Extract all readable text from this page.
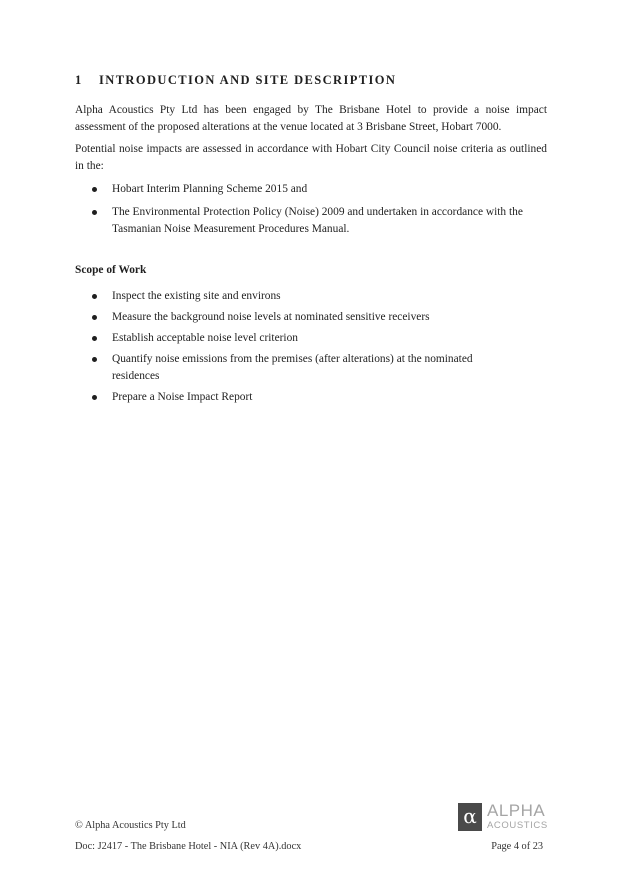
1 INTRODUCTION AND SITE DESCRIPTION

Alpha Acoustics Pty Ltd has been engaged by The Brisbane Hotel to provide a noise impact assessment of the proposed alterations at the venue located at 3 Brisbane Street, Hobart 7000.

Potential noise impacts are assessed in accordance with Hobart City Council noise criteria as outlined in the:

Hobart Interim Planning Scheme 2015 and
The Environmental Protection Policy (Noise) 2009 and undertaken in accordance with the Tasmanian Noise Measurement Procedures Manual.

Scope of Work

Inspect the existing site and environs
Measure the background noise levels at nominated sensitive receivers
Establish acceptable noise level criterion
Quantify noise emissions from the premises (after alterations) at the nominated residences
Prepare a Noise Impact Report
α ALPHA
ACOUSTICS
© Alpha Acoustics Pty Ltd
Doc: J2417 - The Brisbane Hotel - NIA (Rev 4A).docx	Page 4 of 23
